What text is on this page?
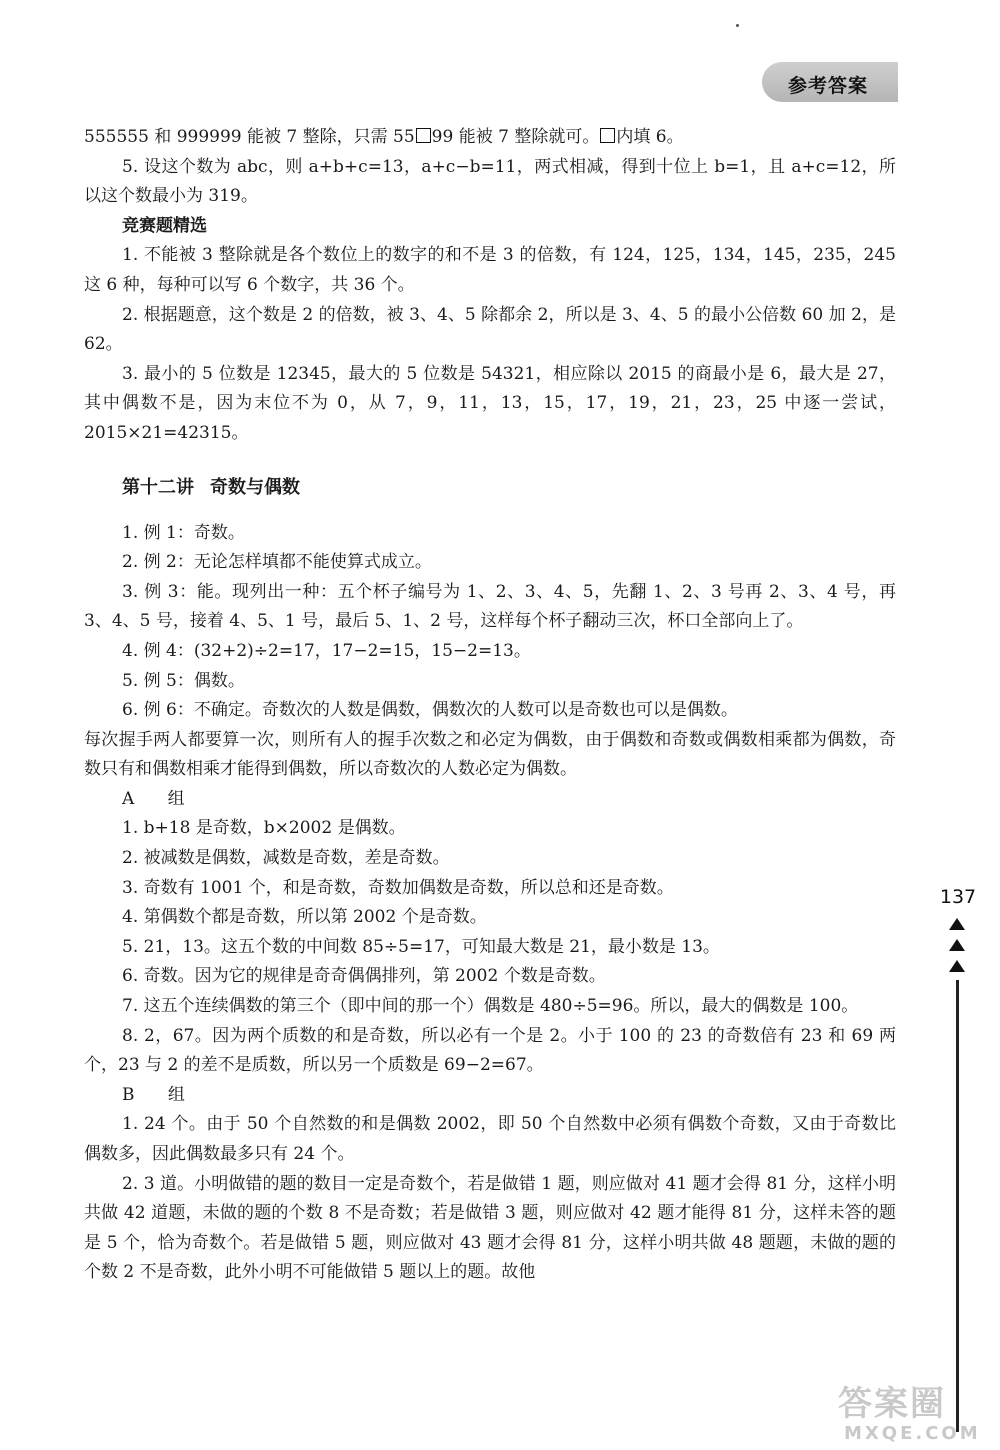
参考答案

555555 和 999999 能被 7 整除，只需 55 99 能被 7 整除就可。 内填 6。

5. 设这个数为 abc，则 a+b+c=13，a+c−b=11，两式相减，得到十位上 b=1，且 a+c=12，所以这个数最小为 319。

竞赛题精选

1. 不能被 3 整除就是各个数位上的数字的和不是 3 的倍数，有 124，125，134，145，235，245 这 6 种，每种可以写 6 个数字，共 36 个。

2. 根据题意，这个数是 2 的倍数，被 3、4、5 除都余 2，所以是 3、4、5 的最小公倍数 60 加 2，是 62。

3. 最小的 5 位数是 12345，最大的 5 位数是 54321，相应除以 2015 的商最小是 6，最大是 27，其中偶数不是，因为末位不为 0，从 7，9，11，13，15，17，19，21，23，25 中逐一尝试，2015×21=42315。

第十二讲 奇数与偶数

1. 例 1：奇数。

2. 例 2：无论怎样填都不能使算式成立。

3. 例 3：能。现列出一种：五个杯子编号为 1、2、3、4、5，先翻 1、2、3 号再 2、3、4 号，再 3、4、5 号，接着 4、5、1 号，最后 5、1、2 号，这样每个杯子翻动三次，杯口全部向上了。

4. 例 4：(32+2)÷2=17，17−2=15，15−2=13。

5. 例 5：偶数。

6. 例 6：不确定。奇数次的人数是偶数，偶数次的人数可以是奇数也可以是偶数。

每次握手两人都要算一次，则所有人的握手次数之和必定为偶数，由于偶数和奇数或偶数相乘都为偶数，奇数只有和偶数相乘才能得到偶数，所以奇数次的人数必定为偶数。

A 组

1. b+18 是奇数，b×2002 是偶数。

2. 被减数是偶数，减数是奇数，差是奇数。

3. 奇数有 1001 个，和是奇数，奇数加偶数是奇数，所以总和还是奇数。

4. 第偶数个都是奇数，所以第 2002 个是奇数。

5. 21，13。这五个数的中间数 85÷5=17，可知最大数是 21，最小数是 13。

6. 奇数。因为它的规律是奇奇偶偶排列，第 2002 个数是奇数。

7. 这五个连续偶数的第三个（即中间的那一个）偶数是 480÷5=96。所以，最大的偶数是 100。

8. 2，67。因为两个质数的和是奇数，所以必有一个是 2。小于 100 的 23 的奇数倍有 23 和 69 两个，23 与 2 的差不是质数，所以另一个质数是 69−2=67。

B 组

1. 24 个。由于 50 个自然数的和是偶数 2002，即 50 个自然数中必须有偶数个奇数，又由于奇数比偶数多，因此偶数最多只有 24 个。

2. 3 道。小明做错的题的数目一定是奇数个，若是做错 1 题，则应做对 41 题才会得 81 分，这样小明共做 42 道题，未做的题的个数 8 不是奇数；若是做错 3 题，则应做对 42 题才能得 81 分，这样未答的题是 5 个，恰为奇数个。若是做错 5 题，则应做对 43 题才会得 81 分，这样小明共做 48 题题，未做的题的个数 2 不是奇数，此外小明不可能做错 5 题以上的题。故他

137
答案圈
MXQE.COM
